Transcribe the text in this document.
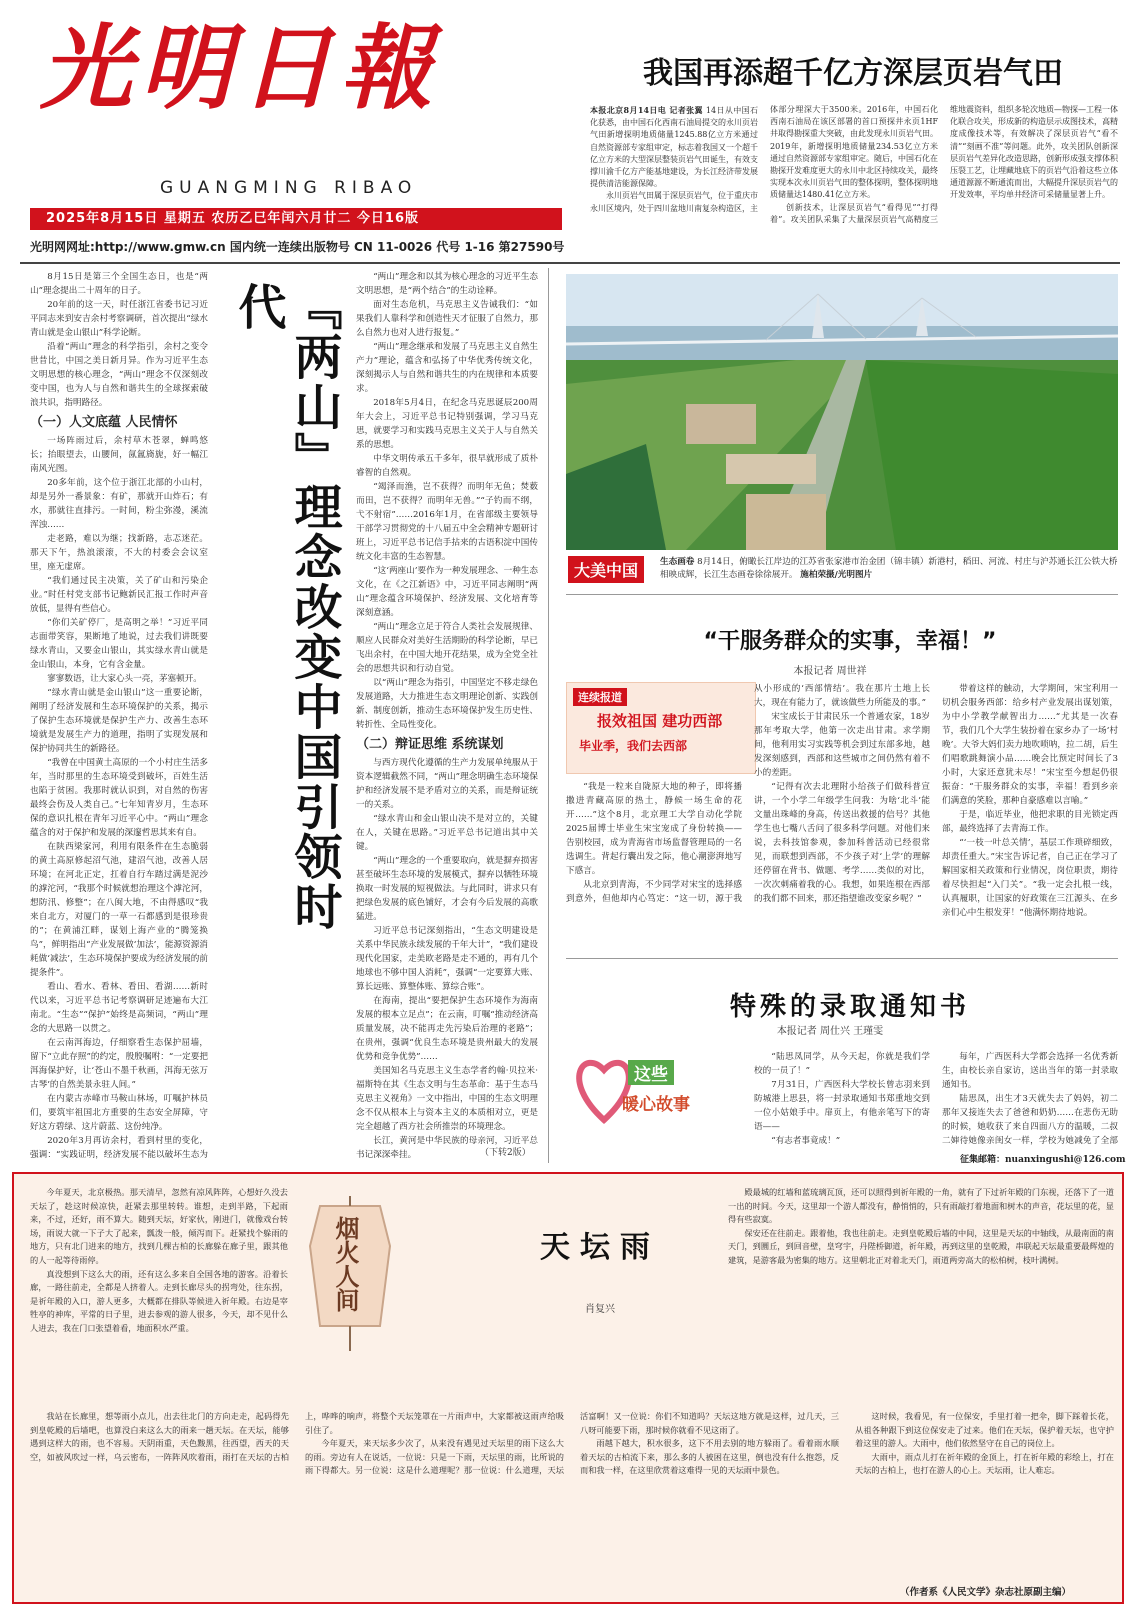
光明日報
GUANGMING RIBAO
2025年8月15日 星期五 农历乙巳年闰六月廿二 今日16版
光明网网址:http://www.gmw.cn 国内统一连续出版物号 CN 11-0026 代号 1-16 第27590号
我国再添超千亿方深层页岩气田

本报北京8月14日电 记者张翼 14日从中国石化获悉，由中国石化西南石油局提交的永川页岩气田新增探明地质储量1245.88亿立方米通过自然资源部专家组审定，标志着我国又一个超千亿立方米的大型深层整装页岩气田诞生，有效支撑川渝千亿方产能基地建设，为长江经济带发展提供清洁能源保障。

永川页岩气田属于深层页岩气，位于重庆市永川区境内，处于四川盆地川南复杂构造区，主体部分埋深大于3500米。2016年，中国石化西南石油局在该区部署的首口预探井永页1HF井取得勘探重大突破，由此发现永川页岩气田。2019年，新增探明地质储量234.53亿立方米通过自然资源部专家组审定。随后，中国石化在勘探开发难度更大的永川中北区持续攻关，最终实现本次永川页岩气田的整体探明，整体探明地质储量达1480.41亿立方米。

创新技术，让深层页岩气“看得见”“打得着”。攻关团队采集了大量深层页岩气高精度三维地震资料，组织多轮次地质—物探—工程一体化联合攻关，形成新的构造层示成图技术，高精度成像技术等，有效解决了深层页岩气“看不清”“刻画不准”等问题。此外，攻关团队创新深层页岩气差异化改造思路，创新形成强支撑体积压裂工艺，让埋藏地底下的页岩气沿着这些立体通道源源不断通流而出，大幅提升深层页岩气的开发效率，平均单井经济可采储量显著上升。

8月15日是第三个全国生态日，也是“两山”理念提出二十周年的日子。

20年前的这一天，时任浙江省委书记习近平同志来到安吉余村考察调研，首次提出“绿水青山就是金山银山”科学论断。

沿着“两山”理念的科学指引，余村之变令世昔比，中国之美日新月异。作为习近平生态文明思想的核心理念，“两山”理念不仅深刻改变中国，也为人与自然和谐共生的全球探索破浪共识，指明路径。

（一）人文底蕴 人民情怀

一场阵雨过后，余村草木苍翠，蝉鸣悠长；抬眼望去，山腰间，氤氲旖旎，好一幅江南风光图。

20多年前，这个位于浙江北部的小山村，却是另外一番景象：有矿，那就开山炸石；有水，那就往直排污。一时间，粉尘弥漫，溪流浑浊……

走老路，难以为继；找新路，志忑迷茫。那天下午，热浪滚滚，不大的村委会会议室里，座无虚席。

“我们通过民主决策，关了矿山和污染企业。”时任村党支部书记鲍新民汇报工作时声音放低，显得有些信心。

“你们关矿停厂，是高明之举！”习近平同志面带笑容，果断地了地说，过去我们讲既要绿水青山，又要金山银山，其实绿水青山就是金山银山，本身，它有含金量。

寥寥数语，让大家心头一亮，茅塞顿开。

“绿水青山就是金山银山”这一重要论断，阐明了经济发展和生态环境保护的关系，揭示了保护生态环境就是保护生产力、改善生态环境就是发展生产力的道理，指明了实现发展和保护协同共生的新路径。

“我曾在中国黄土高原的一个小村庄生活多年，当时那里的生态环境受到破坏，百姓生活也陷于贫困。我那时就认识到，对自然的伤害最终会伤及人类自己。”七年知青岁月，生态环保的意识扎根在青年习近平心中。“两山”理念蕴含的对于保护和发展的深邃哲思其来有自。

在陕西梁家河，利用有限条件在生态脆弱的黄土高原修起沼气池，建沼气池，改善人居环境；在河北正定，扛着自行车踏过满是泥沙的滹沱河，“我那个时候就想治理这个滹沱河，想防汛、修整”；在八闽大地，不由得感叹“我来自北方，对厦门的一草一石都感到是很珍贵的”；在黄浦江畔，谋划上海产业的“腾笼换鸟”，鲜明指出“产业发展做‘加法’，能源资源消耗做‘减法’，生态环境保护要成为经济发展的前提条件”。

看山、看水、看林、看田、看湖……新时代以来，习近平总书记考察调研足迹遍布大江南北。“生态”“保护”始终是高频词，“两山”理念的大思路一以贯之。

在云南洱海边，仔细察看生态保护屈墙，留下“立此存照”的约定，殷殷嘱咐：“一定要把洱海保护好，让‘苍山不墨千秋画，洱海无弦万古琴’的自然美景永驻人间。”

在内蒙古赤峰市马鞍山林场，叮嘱护林员们，要筑牢祖国北方重要的生态安全屏障，守好这方碧绿、这片蔚蓝、这份纯净。

2020年3月再访余村，看到村里的变化，强调：“实践证明，经济发展不能以破坏生态为

『两山』理念改变中国引领时代

“两山”理念和以其为核心理念的习近平生态文明思想，是“两个结合”的生动诠释。

面对生态危机，马克思主义告诫我们：“如果我们人靠科学和创造性天才征服了自然力，那么自然力也对人进行报复。”

“两山”理念继承和发展了马克思主义自然生产力”理论，蕴含和弘扬了中华优秀传统文化，深刻揭示人与自然和谐共生的内在规律和本质要求。

2018年5月4日，在纪念马克思诞辰200周年大会上，习近平总书记特别强调，学习马克思，就要学习和实践马克思主义关于人与自然关系的思想。

中华文明传承五千多年，很早就形成了质朴睿智的自然观。

“竭泽而渔，岂不获得？而明年无鱼；焚薮而田，岂不获得？而明年无兽。”“子钓而不纲，弋不射宿”……2016年1月，在省部级主要领导干部学习贯彻党的十八届五中全会精神专题研讨班上，习近平总书记信手拈来的古语积淀中国传统文化丰富的生态智慧。

“这‘两座山’要作为一种发展理念、一种生态文化，在《之江新语》中，习近平同志阐明“两山”理念蕴含环境保护、经济发展、文化培育等深刻意涵。

“两山”理念立足于符合人类社会发展规律、顺应人民群众对美好生活期盼的科学论断，早已飞出余村，在中国大地开花结果，成为全党全社会的思想共识和行动自觉。

以“两山”理念为指引，中国坚定不移走绿色发展道路，大力推进生态文明理论创新、实践创新、制度创新，推动生态环境保护发生历史性、转折性、全局性变化。

（二）辩证思维 系统谋划

与西方现代化遵循的生产力发展单纯服从于资本逻辑截然不同，“两山”理念明确生态环境保护和经济发展不是矛盾对立的关系，而是辩证统一的关系。

“绿水青山和金山银山决不是对立的，关键在人，关键在思路。”习近平总书记道出其中关键。

“两山”理念的一个重要取向，就是摒弃损害甚至破坏生态环境的发展模式，摒弃以牺牲环境换取一时发展的短视做法。与此同时，讲求只有把绿色发展的底色铺好，才会有今后发展的高歌猛进。

习近平总书记深刻指出，“生态文明建设是关系中华民族永续发展的千年大计”，“我们建设现代化国家，走美欧老路是走不通的，再有几个地球也不够中国人消耗”，强调“一定要算大账、算长远账、算整体账、算综合账”。

在海南，提出“要把保护生态环境作为海南发展的根本立足点”；在云南，叮嘱“推动经济高质量发展，决不能再走先污染后治理的老路”；在贵州，强调“优良生态环境是贵州最大的发展优势和竞争优势”……

美国知名马克思主义生态学者约翰·贝拉米·福斯特在其《生态文明与生态革命：基于生态马克思主义视角》一文中指出，中国的生态文明理念不仅从根本上与资本主义的本质相对立，更是完全超越了西方社会所推崇的环境理念。

长江，黄河是中华民族的母亲河，习近平总书记深深牵挂。	（下转2版）
大美中国	生态画卷 8月14日，俯瞰长江岸边的江苏省张家港市治金团（锦丰镇）新港村，稻田、河流、村庄与沪苏通长江公铁大桥相映成辉，长江生态画卷徐徐展开。 施柏荣摄/光明图片
“干服务群众的实事，幸福！”
本报记者 周世祥
连续报道
报效祖国 建功西部
毕业季，我们去西部

“我是一粒来自陇原大地的种子，即将播撒进青藏高原的热土，静候一场生命的花开……”这个8月，北京理工大学自动化学院2025届博士毕业生宋宝宠成了身份转换——告别校园，成为青海省市场监督管理局的一名选调生。背起行囊出发之际，他心潮澎湃地写下感言。

从北京到青海，不少同学对宋宝的选择感到意外，但他却内心笃定：“这一切，源于我从小形成的‘西部情结’。我在那片土地上长大，现在有能力了，就该做些力所能及的事。”

宋宝成长于甘肃民乐一个普通农家，18岁那年考取大学，他第一次走出甘肃。求学期间，他利用实习实践等机会到过东部多地，越发深刻感到，西部和这些城市之间仍然有着不小的差距。

“记得有次去北理附小给孩子们做科普宣讲，一个小学二年级学生问我：为啥‘北斗’能文量出珠峰的身高，传送出救援的信号？其他学生也七嘴八舌问了很多科学问题。对他们来说，去科技馆参观，参加科普活动已经很常见，而联想到西部，不少孩子对‘上学’的理解还停留在背书、做题、考学……类似的对比，一次次刺痛着我的心。我想，如果连根在西部的我们都不回来，那还指望谁改变家乡呢？”

带着这样的触动，大学期间，宋宝利用一切机会服务西部：给乡村产业发展出谋划策，为中小学教学献智出力……“尤其是一次春节，我们几个大学生装扮着在家乡办了一场‘村晚’。大爷大妈们卖力地吹唢呐，拉二胡，后生们唱歌跳舞演小品……晚会比预定时间长了3小时，大家还意犹未尽！”宋宝至今想起仍很振奋：“干服务群众的实事，幸福！看到乡亲们满意的笑脸，那种自豪感难以言喻。”

于是，临近毕业，他把求职的目光锁定西部，最终选择了去青海工作。

“‘一枝一叶总关情’，基层工作琐碎细致，却责任重大。”宋宝告诉记者，自己正在学习了解国家相关政策和行业情况，岗位职责，期待着尽快担起“入门关”。“我一定会扎根一线，认真履职，让国家的好政策在三江源头、在乡亲们心中生根发芽！”他满怀期待地说。

特殊的录取通知书
本报记者 周仕兴 王瑾雯
这些
暖心故事

“陆思凤同学，从今天起，你就是我们学校的一员了！”

7月31日，广西医科大学校长曾志羽来到防城港上思县，将一封录取通知书郑重地交到一位小姑娘手中。扉页上，有他亲笔写下的寄语——

“有志者事竟成！”

每年，广西医科大学都会选择一名优秀新生，由校长亲自家访，送出当年的第一封录取通知书。

陆思凤，出生才3天就失去了妈妈，初二那年又接连失去了爸爸和奶奶……在悲伤无助的时候，她收获了来自四面八方的温暖，二叔二婶待她像亲闺女一样，学校为她减免了全部

征集邮箱：nuanxingushi@126.com
烟火人间	天坛雨
肖复兴

今年夏天，北京极热。那天清早，忽然有凉风阵阵，心想好久没去天坛了，趁这时候凉快，赶紧去那里转转。谁想，走到半路，下起雨来，不过，还好，雨不算大。随到天坛，好家伙，刚进门，就像戏台转场，雨说大就一下子大了起来，瓢泼一般，倾泻而下。赶紧找个躲雨的地方，只有北门进来的地方，找到几棵古柏的长廊躲在廊子里，跟其他的人一起等待雨停。

真没想到下这么大的雨，还有这么多来自全国各地的游客。沿着长廊，一路往前走，全都是人挤着人。走到长廊尽头的拐弯处，往东拐，是祈年殿的入口，游人更多，大概都在排队等候进入祈年殿。右边是宰牲亭的神库，平常的日子里，进去参观的游人很多，今天，却不见什么人进去，我在门口张望着看，地面积水严重。

殿最城的红墙和蓝琉璃瓦顶，还可以照得到祈年殿的一角，就有了下过祈年殿的门东视，还落下了一道一出的时间。今天，这里却一个游人都没有，静悄悄的，只有雨敲打着地面和树木的声音，花坛里的花，显得有些寂寞。

保安还在往前走。跟着他，我也往前走。走到皇乾殿后墙的中间，这里是天坛的中轴线，从最南面的南天门，到圜丘，到回音壁，皇穹宇，丹陛桥御道，祈年殿，再到这里的皇乾殿，串联起天坛最重要最辉煌的建筑，是游客最为密集的地方。这里朝北正对着北天门，雨道两旁高大的松柏树，枝叶满树。

我站在长廊里，想等雨小点儿，出去往北门的方向走走，起码得先到皇乾殿的后墙吧，也算没白来这么大的雨来一趟天坛。在天坛，能够遇到这样大的雨，也不容易。天阴雨重，天色黢黑，往西望，西天的天空，如被风吹过一样，乌云密布，一阵阵风吹着雨，雨打在天坛的古柏上，哗哗的响声，将整个天坛笼罩在一片雨声中，大家都被这雨声给吸引住了。

今年夏天，来天坛多少次了，从来没有遇见过天坛里的雨下这么大的雨。旁边有人在说话，一位说：只是一下雨，天坛里的雨，比所说的雨下得都大。另一位说：这是什么道理呢？那一位说：什么道理，天坛活富啊！又一位说：你们不知道吗？天坛这地方就是这样，过几天，三八呀可能要下雨，那时候你就看不见这雨了。

雨越下越大，积水很多，这下不用去别的地方躲雨了。看着雨水顺着天坛的古柏流下来，那么多的人被困在这里，倒也没有什么抱怨，反而和我一样，在这里欣赏着这难得一见的天坛雨中景色。

这时候，我看见，有一位保安，手里打着一把伞，脚下踩着长花，从祖各种跟下到这位保安走了过来。他们在天坛，保护着天坛，也守护着这里的游人。大雨中，他们依然坚守在自己的岗位上。

大雨中，雨点儿打在祈年殿的金顶上，打在祈年殿的彩绘上，打在天坛的古柏上，也打在游人的心上。天坛雨，让人难忘。

（作者系《人民文学》杂志社原副主编）
